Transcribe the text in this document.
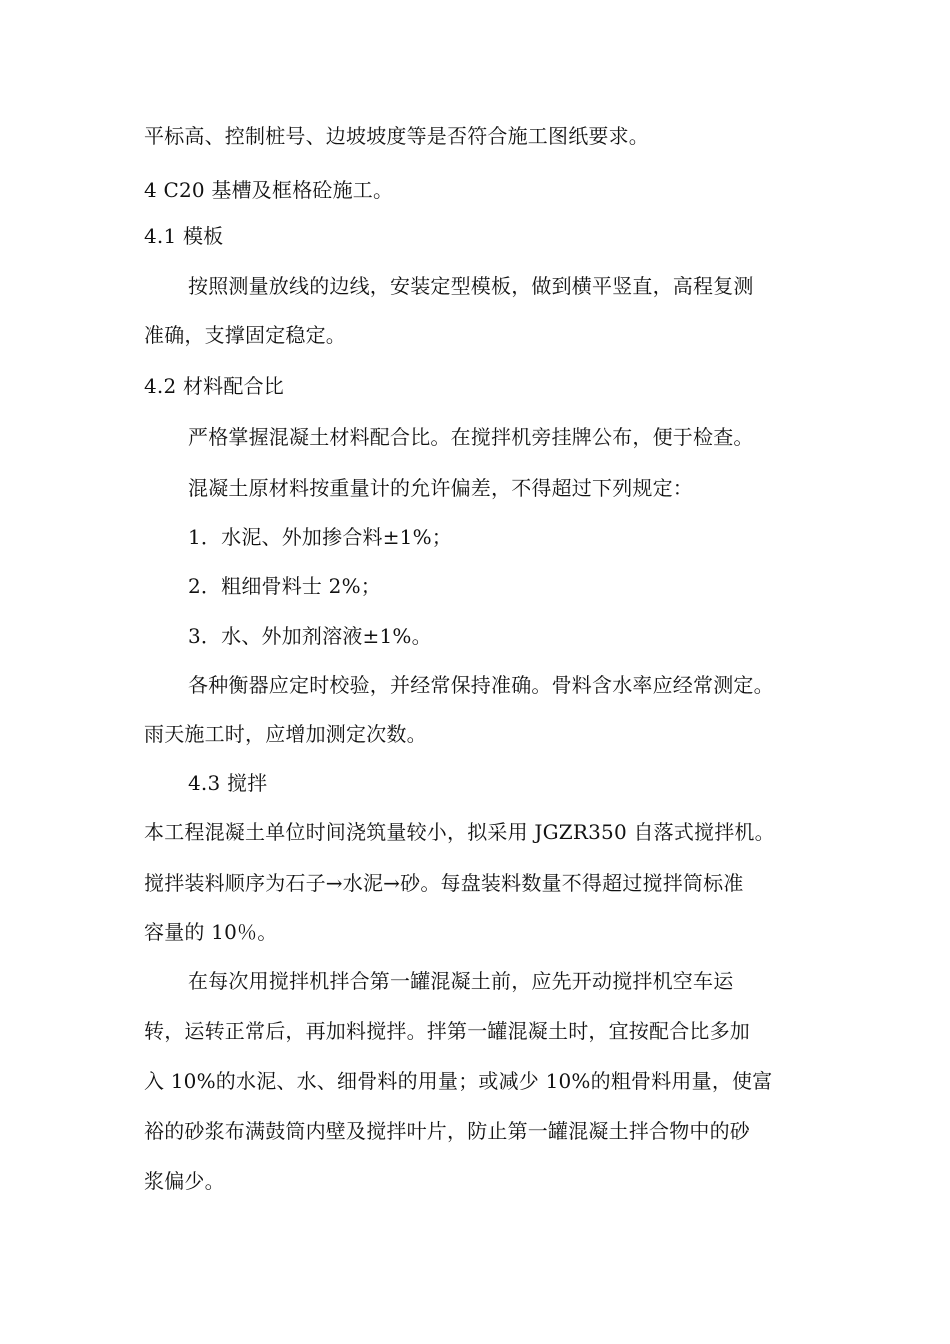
平标高、控制桩号、边坡坡度等是否符合施工图纸要求。
4 C20 基槽及框格砼施工。
4.1 模板
按照测量放线的边线，安装定型模板，做到横平竖直，高程复测
准确，支撑固定稳定。
4.2 材料配合比
严格掌握混凝土材料配合比。在搅拌机旁挂牌公布，便于检查。
混凝土原材料按重量计的允许偏差，不得超过下列规定：
1．水泥、外加掺合料±1%；
2．粗细骨料士 2%；
3．水、外加剂溶液±1%。
各种衡器应定时校验，并经常保持准确。骨料含水率应经常测定。
雨天施工时，应增加测定次数。
4.3 搅拌
本工程混凝土单位时间浇筑量较小，拟采用 JGZR350 自落式搅拌机。
搅拌装料顺序为石子→水泥→砂。每盘装料数量不得超过搅拌筒标准
容量的 10％。
在每次用搅拌机拌合第一罐混凝土前，应先开动搅拌机空车运
转，运转正常后，再加料搅拌。拌第一罐混凝土时，宜按配合比多加
入 10%的水泥、水、细骨料的用量；或减少 10%的粗骨料用量，使富
裕的砂浆布满鼓筒内壁及搅拌叶片，防止第一罐混凝土拌合物中的砂
浆偏少。
